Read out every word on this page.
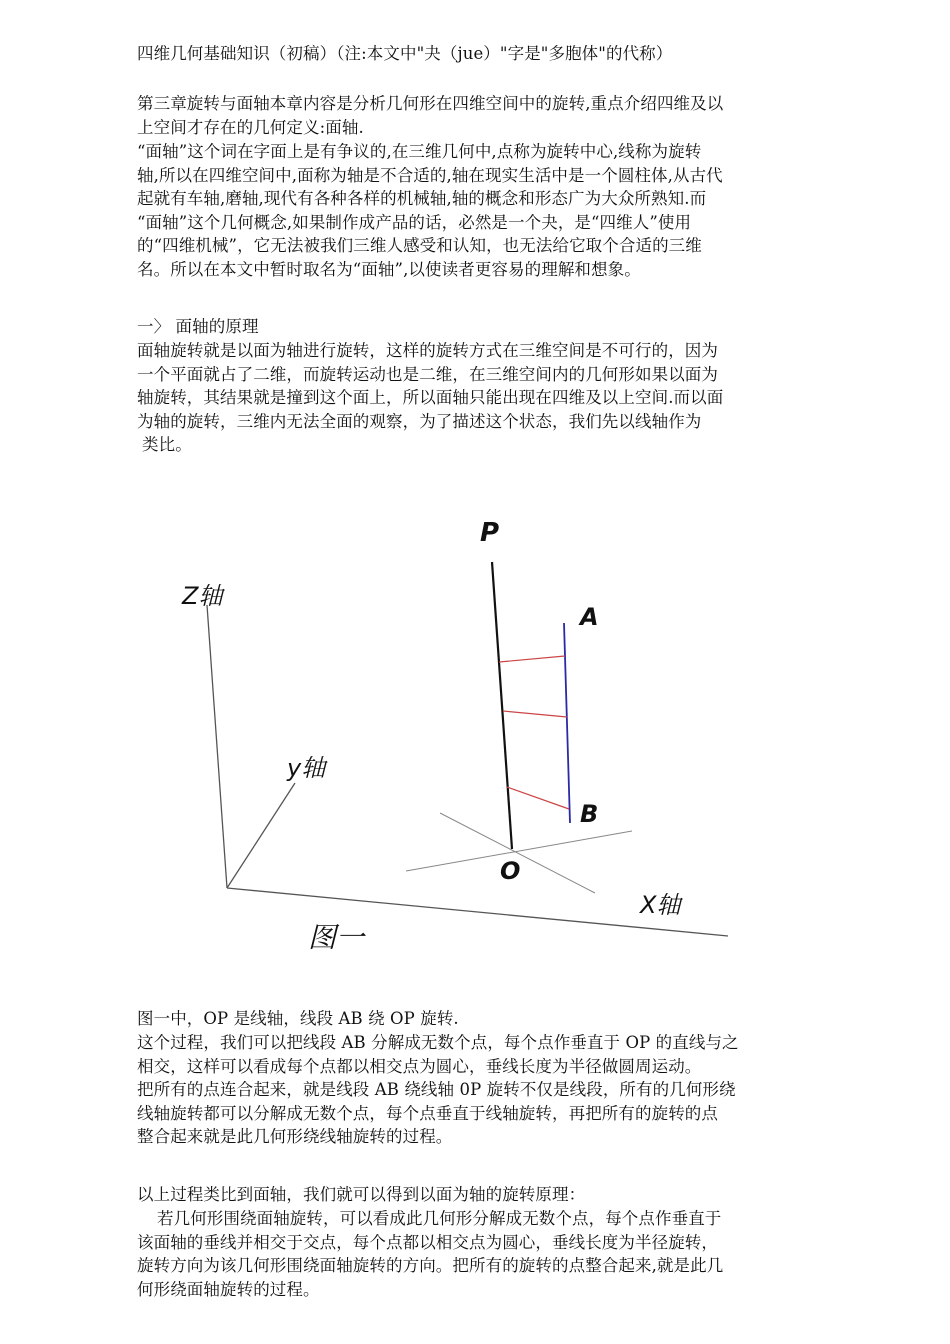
四维几何基础知识（初稿）（注:本文中"夬（jue）"字是"多胞体"的代称）
第三章旋转与面轴本章内容是分析几何形在四维空间中的旋转,重点介绍四维及以
上空间才存在的几何定义:面轴.
“面轴”这个词在字面上是有争议的,在三维几何中,点称为旋转中心,线称为旋转
轴,所以在四维空间中,面称为轴是不合适的,轴在现实生活中是一个圆柱体,从古代
起就有车轴,磨轴,现代有各种各样的机械轴,轴的概念和形态广为大众所熟知.而
“面轴”这个几何概念,如果制作成产品的话，必然是一个夬，是“四维人”使用
的“四维机械”，它无法被我们三维人感受和认知，也无法给它取个合适的三维
名。所以在本文中暂时取名为“面轴”,以使读者更容易的理解和想象。
一〉 面轴的原理
面轴旋转就是以面为轴进行旋转，这样的旋转方式在三维空间是不可行的，因为
一个平面就占了二维，而旋转运动也是二维，在三维空间内的几何形如果以面为
轴旋转，其结果就是撞到这个面上，所以面轴只能出现在四维及以上空间.而以面
为轴的旋转，三维内无法全面的观察，为了描述这个状态，我们先以线轴作为
类比。
P
A
B
O
Z轴
y轴
X轴
图一
图一中，OP 是线轴，线段 AB 绕 OP 旋转.
这个过程，我们可以把线段 AB 分解成无数个点，每个点作垂直于 OP 的直线与之
相交，这样可以看成每个点都以相交点为圆心，垂线长度为半径做圆周运动。
把所有的点连合起来，就是线段 AB 绕线轴 0P 旋转不仅是线段，所有的几何形绕
线轴旋转都可以分解成无数个点，每个点垂直于线轴旋转，再把所有的旋转的点
整合起来就是此几何形绕线轴旋转的过程。
以上过程类比到面轴，我们就可以得到以面为轴的旋转原理：
若几何形围绕面轴旋转，可以看成此几何形分解成无数个点，每个点作垂直于
该面轴的垂线并相交于交点，每个点都以相交点为圆心，垂线长度为半径旋转，
旋转方向为该几何形围绕面轴旋转的方向。把所有的旋转的点整合起来,就是此几
何形绕面轴旋转的过程。
